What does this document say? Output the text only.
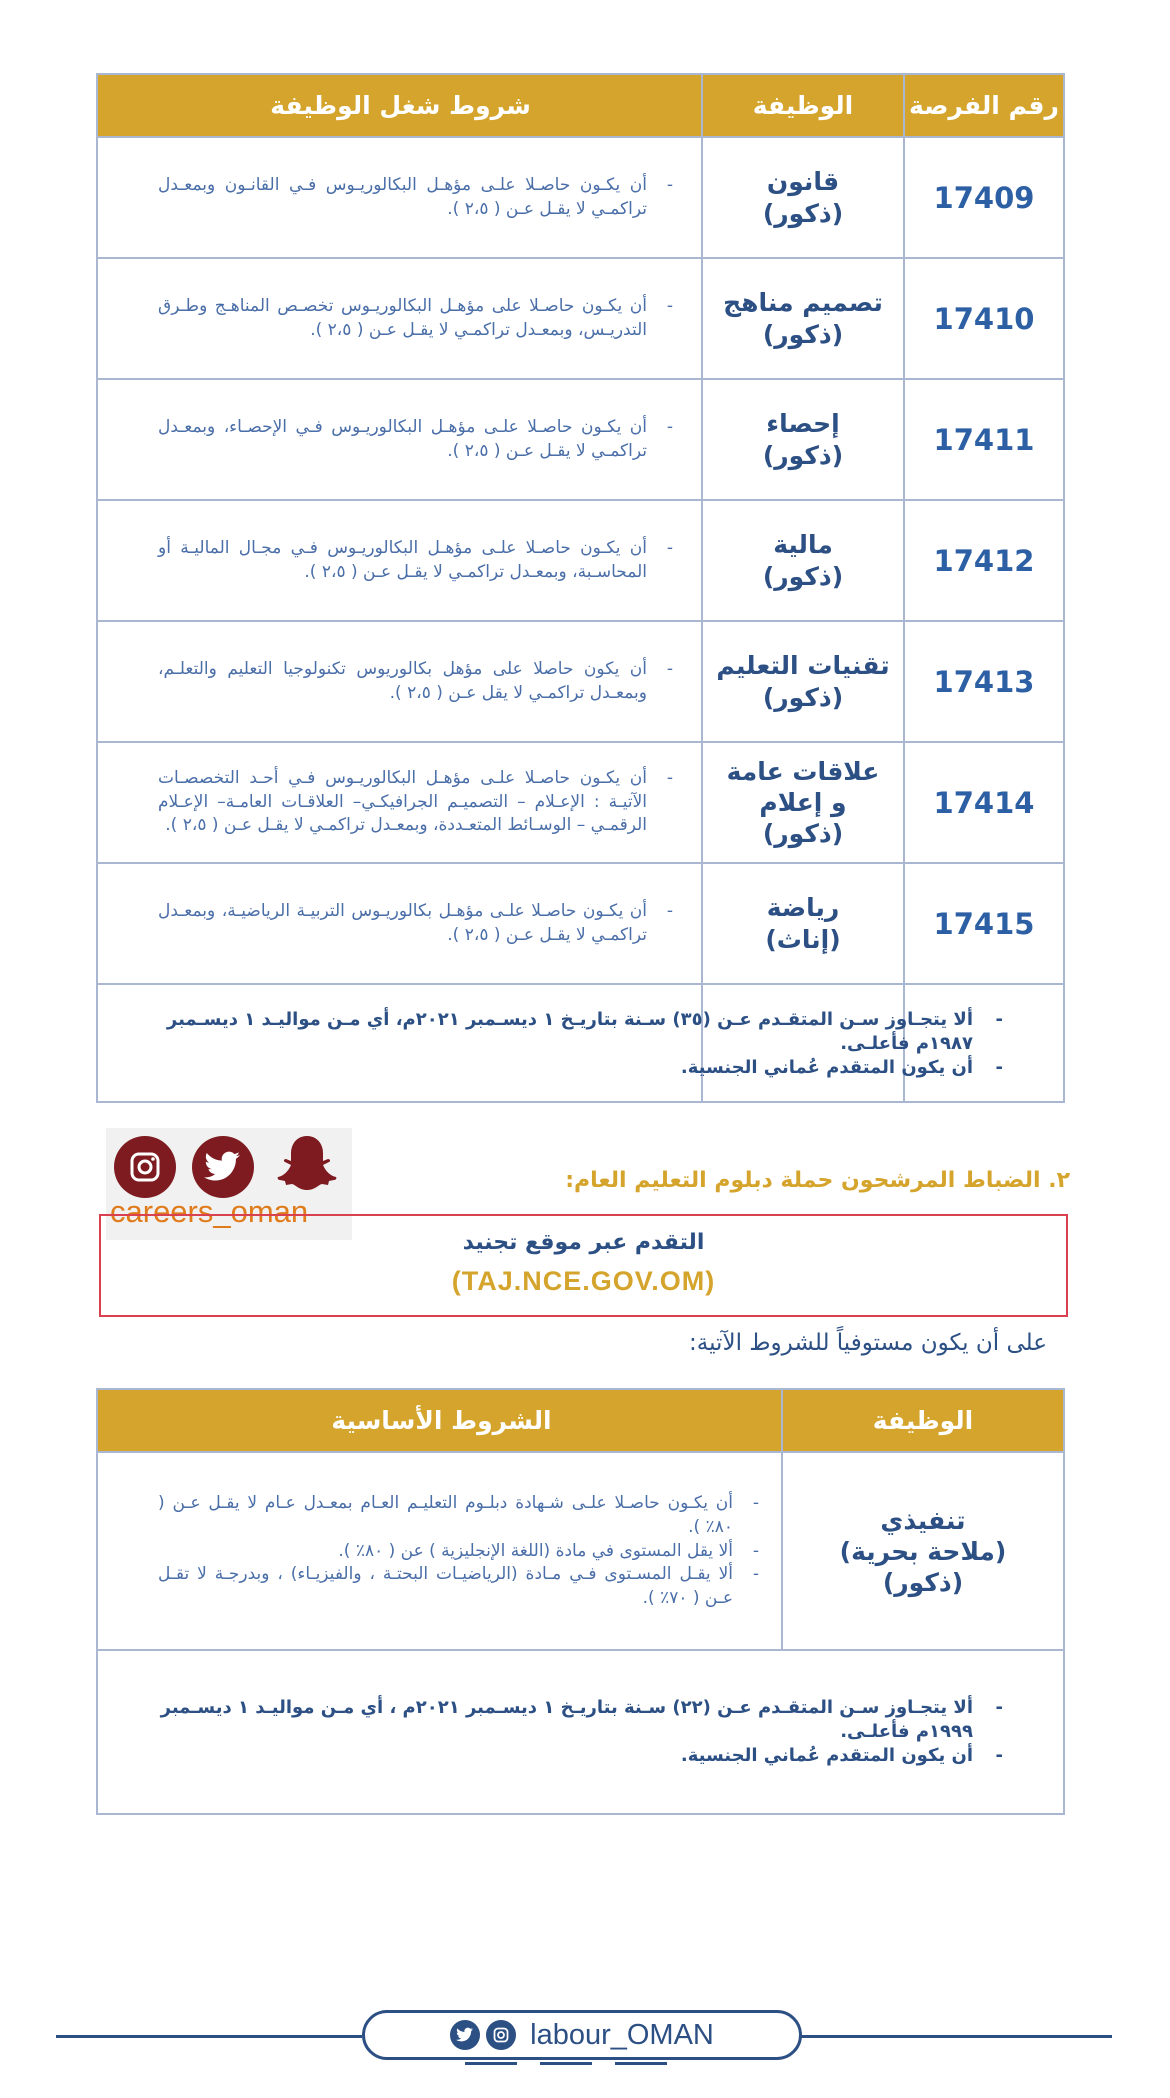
رقم الفرصة
الوظيفة
شروط شغل الوظيفة
17409
قانون
(ذكور)
- أن يكـون حاصـلا علـى مؤهـل البكالوريـوس فـي القانـون وبمعـدل تراكمـي لا يقـل عـن ( ٢،٥ ).
17410
تصميم مناهج
(ذكور)
- أن يكـون حاصـلا على مؤهـل البكالوريـوس تخصـص المناهـج وطـرق التدريـس، وبمعـدل تراكمـي لا يقـل عـن ( ٢،٥ ).
17411
إحصاء
(ذكور)
- أن يكـون حاصـلا علـى مؤهـل البكالوريـوس فـي الإحصـاء، وبمعـدل تراكمـي لا يقـل عـن ( ٢،٥ ).
17412
مالية
(ذكور)
- أن يكـون حاصـلا علـى مؤهـل البكالوريـوس فـي مجـال الماليـة أو المحاسـبة، وبمعـدل تراكمـي لا يقـل عـن ( ٢،٥ ).
17413
تقنيات التعليم
(ذكور)
- أن يكون حاصلا على مؤهل بكالوريوس تكنولوجيا التعليم والتعلـم، وبمعـدل تراكمـي لا يقل عـن ( ٢،٥ ).
17414
علاقات عامة
و إعلام
(ذكور)
- أن يكـون حاصـلا علـى مؤهـل البكالوريـوس فـي أحـد التخصصـات الآتيـة : الإعـلام – التصميـم الجرافيكـي– العلاقـات العامـة– الإعـلام الرقمـي – الوسـائط المتعـددة، وبمعـدل تراكمـي لا يقـل عـن ( ٢،٥ ).
17415
رياضة
(إناث)
- أن يكـون حاصـلا علـى مؤهـل بكالوريـوس التربيـة الرياضيـة، وبمعـدل تراكمـي لا يقـل عـن ( ٢،٥ ).
- ألا يتجـاوز سـن المتقـدم عـن (٣٥) سـنة بتاريـخ ١ ديسـمبر ٢٠٢١م، أي مـن مواليـد ١ ديسـمبر ١٩٨٧م فأعلـى.
- أن يكون المتقدم عُماني الجنسية.
careers_oman
٢. الضباط المرشحون حملة دبلوم التعليم العام:
التقدم عبر موقع تجنيد
(TAJ.NCE.GOV.OM)
على أن يكون مستوفياً للشروط الآتية:
الوظيفة
الشروط الأساسية
تنفيذي
(ملاحة بحرية)
(ذكور)
- أن يكـون حاصـلا علـى شـهادة دبلـوم التعليـم العـام بمعـدل عـام لا يقـل عـن ( ٨٠٪ ).
- ألا يقل المستوى في مادة (اللغة الإنجليزية ) عن ( ٨٠٪ ).
- ألا يقـل المسـتوى فـي مـادة (الرياضيـات البحتـة ، والفيزيـاء) ، وبدرجـة لا تقـل عـن ( ٧٠٪ ).
- ألا يتجـاوز سـن المتقـدم عـن (٢٢) سـنة بتاريـخ ١ ديسـمبر ٢٠٢١م ، أي مـن مواليـد ١ ديسـمبر ١٩٩٩م فأعلـى.
- أن يكون المتقدم عُماني الجنسية.
labour_OMAN
